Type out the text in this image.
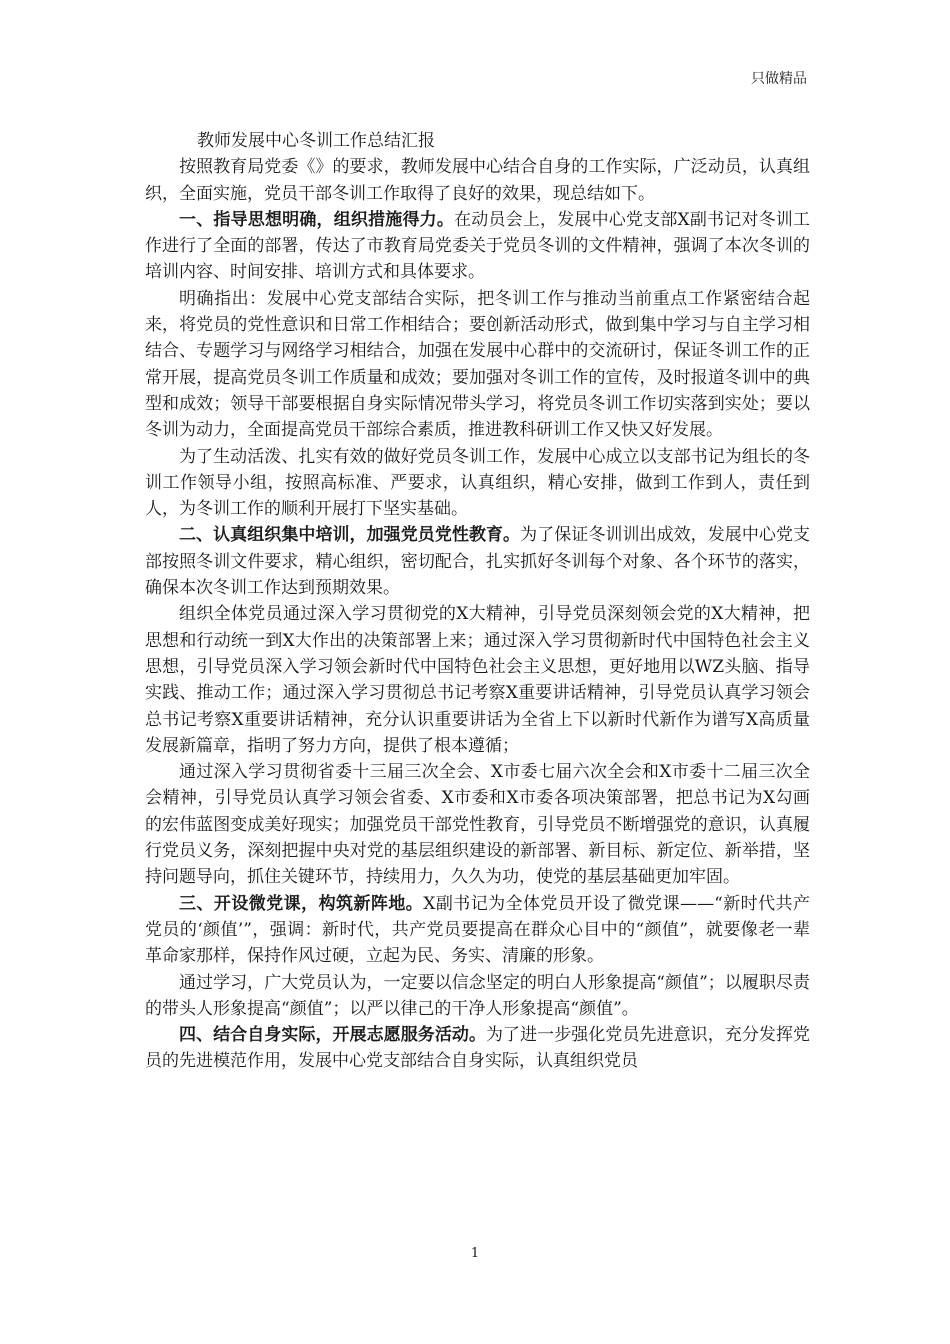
只做精品

教师发展中心冬训工作总结汇报

按照教育局党委《》的要求，教师发展中心结合自身的工作实际，广泛动员，认真组织，全面实施，党员干部冬训工作取得了良好的效果，现总结如下。

一、指导思想明确，组织措施得力。在动员会上，发展中心党支部X副书记对冬训工作进行了全面的部署，传达了市教育局党委关于党员冬训的文件精神，强调了本次冬训的培训内容、时间安排、培训方式和具体要求。

明确指出：发展中心党支部结合实际，把冬训工作与推动当前重点工作紧密结合起来，将党员的党性意识和日常工作相结合；要创新活动形式，做到集中学习与自主学习相结合、专题学习与网络学习相结合，加强在发展中心群中的交流研讨，保证冬训工作的正常开展，提高党员冬训工作质量和成效；要加强对冬训工作的宣传，及时报道冬训中的典型和成效；领导干部要根据自身实际情况带头学习，将党员冬训工作切实落到实处；要以冬训为动力，全面提高党员干部综合素质，推进教科研训工作又快又好发展。

为了生动活泼、扎实有效的做好党员冬训工作，发展中心成立以支部书记为组长的冬训工作领导小组，按照高标准、严要求，认真组织，精心安排，做到工作到人，责任到人，为冬训工作的顺利开展打下坚实基础。

二、认真组织集中培训，加强党员党性教育。为了保证冬训训出成效，发展中心党支部按照冬训文件要求，精心组织，密切配合，扎实抓好冬训每个对象、各个环节的落实，确保本次冬训工作达到预期效果。

组织全体党员通过深入学习贯彻党的X大精神，引导党员深刻领会党的X大精神，把思想和行动统一到X大作出的决策部署上来；通过深入学习贯彻新时代中国特色社会主义思想，引导党员深入学习领会新时代中国特色社会主义思想，更好地用以WZ头脑、指导实践、推动工作；通过深入学习贯彻总书记考察X重要讲话精神，引导党员认真学习领会总书记考察X重要讲话精神，充分认识重要讲话为全省上下以新时代新作为谱写X高质量发展新篇章，指明了努力方向，提供了根本遵循；

通过深入学习贯彻省委十三届三次全会、X市委七届六次全会和X市委十二届三次全会精神，引导党员认真学习领会省委、X市委和X市委各项决策部署，把总书记为X勾画的宏伟蓝图变成美好现实；加强党员干部党性教育，引导党员不断增强党的意识，认真履行党员义务，深刻把握中央对党的基层组织建设的新部署、新目标、新定位、新举措，坚持问题导向，抓住关键环节，持续用力，久久为功，使党的基层基础更加牢固。

三、开设微党课，构筑新阵地。X副书记为全体党员开设了微党课——“新时代共产党员的‘颜值’”，强调：新时代，共产党员要提高在群众心目中的“颜值”，就要像老一辈革命家那样，保持作风过硬，立起为民、务实、清廉的形象。

通过学习，广大党员认为，一定要以信念坚定的明白人形象提高“颜值”；以履职尽责的带头人形象提高“颜值”；以严以律己的干净人形象提高“颜值”。

四、结合自身实际，开展志愿服务活动。为了进一步强化党员先进意识，充分发挥党员的先进模范作用，发展中心党支部结合自身实际，认真组织党员

1
